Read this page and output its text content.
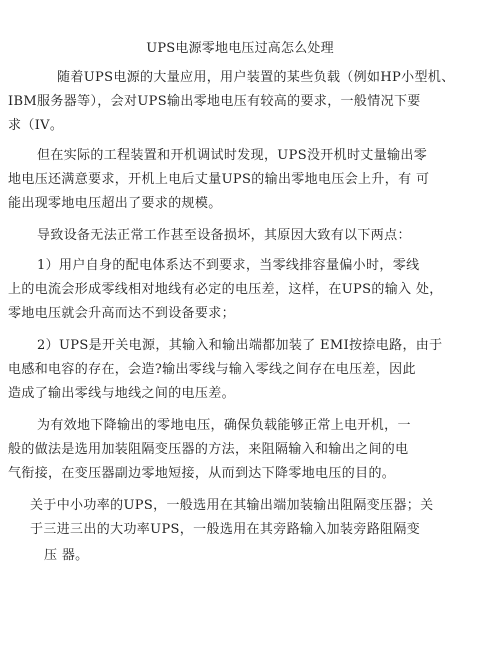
UPS电源零地电压过高怎么处理
随着UPS电源的大量应用，用户装置的某些负载（例如HP小型机、
IBM服务器等），会对UPS输出零地电压有较高的要求，一般情况下要
求（IV。
但在实际的工程装置和开机调试时发现，UPS没开机时丈量输出零
地电压还满意要求，开机上电后丈量UPS的输出零地电压会上升，有 可
能出现零地电压超出了要求的规模。
导致设备无法正常工作甚至设备损坏，其原因大致有以下两点：
1）用户自身的配电体系达不到要求，当零线排容量偏小时，零线
上的电流会形成零线相对地线有必定的电压差，这样，在UPS的输入 处，
零地电压就会升高而达不到设备要求；
2）UPS是开关电源，其输入和输出端都加装了 EMI按捺电路，由于
电感和电容的存在，会造?输出零线与输入零线之间存在电压差，因此
造成了输出零线与地线之间的电压差。
为有效地下降输出的零地电压，确保负载能够正常上电开机，一
般的做法是选用加装阻隔变压器的方法，来阻隔输入和输出之间的电
气衔接，在变压器副边零地短接，从而到达下降零地电压的目的。
关于中小功率的UPS，一般选用在其输出端加装输出阻隔变压器；关
于三进三出的大功率UPS，一般选用在其旁路输入加装旁路阻隔变
压 器。
